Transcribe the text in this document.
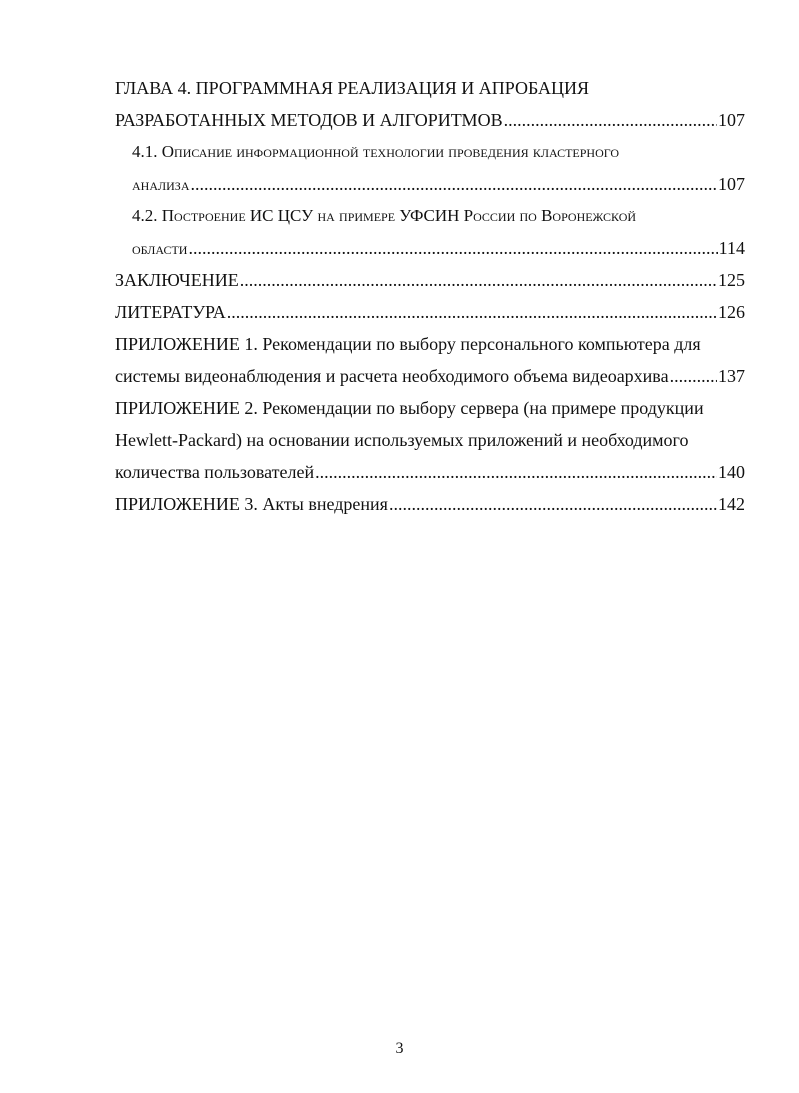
ГЛАВА 4. ПРОГРАММНАЯ РЕАЛИЗАЦИЯ И АПРОБАЦИЯ
РАЗРАБОТАННЫХ МЕТОДОВ И АЛГОРИТМОВ .....	107
4.1. Описание информационной технологии проведения кластерного
анализа .....	107
4.2. Построение ИС ЦСУ на примере УФСИН России по Воронежской
области .....	114
ЗАКЛЮЧЕНИЕ .....	125
ЛИТЕРАТУРА .....	126
ПРИЛОЖЕНИЕ 1. Рекомендации по выбору персонального компьютера для
системы видеонаблюдения и расчета необходимого объема видеоархива .....	137
ПРИЛОЖЕНИЕ 2. Рекомендации по выбору сервера (на примере продукции
Hewlett-Packard) на основании используемых приложений и необходимого
количества пользователей .....	140
ПРИЛОЖЕНИЕ 3. Акты внедрения .....	142
3
